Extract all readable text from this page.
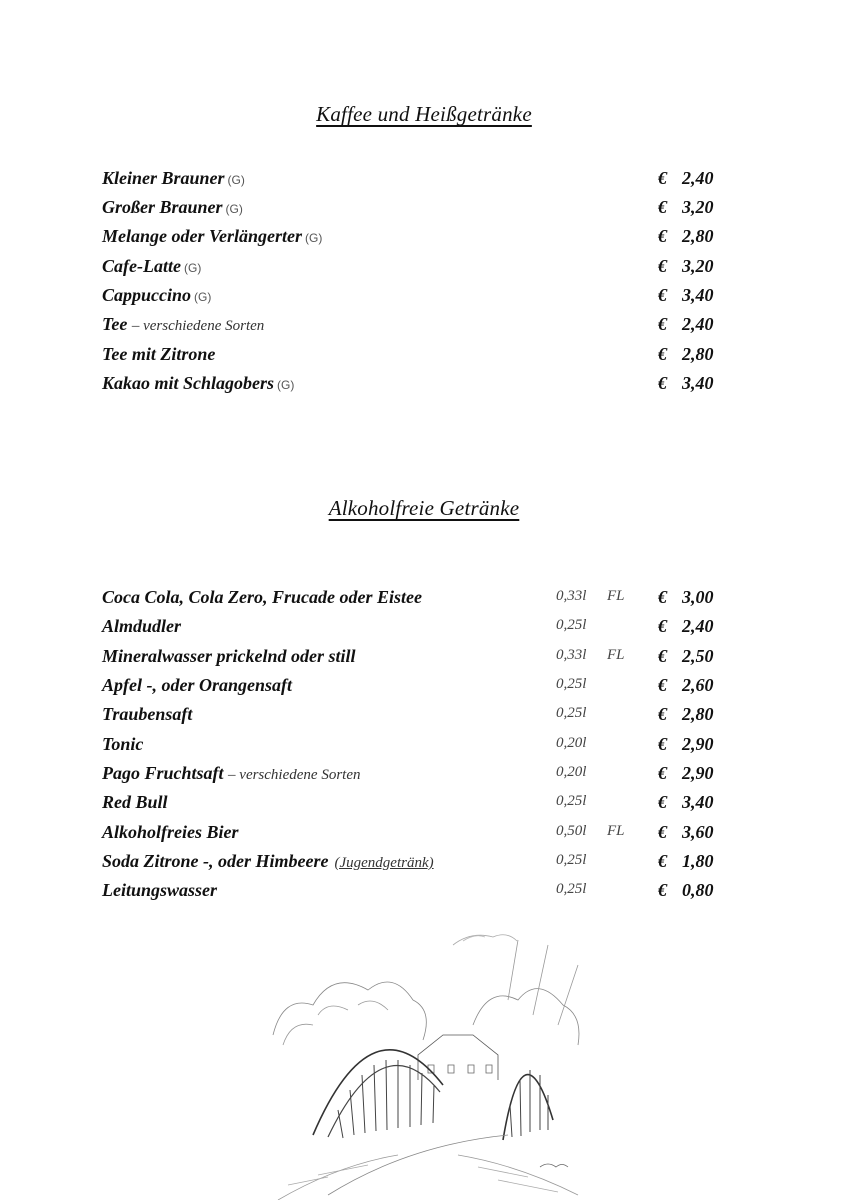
Kaffee und Heißgetränke
Kleiner Brauner (G)	€ 2,40
Großer Brauner (G)	€ 3,20
Melange oder Verlängerter (G)	€ 2,80
Cafe-Latte (G)	€ 3,20
Cappuccino (G)	€ 3,40
Tee – verschiedene Sorten	€ 2,40
Tee mit Zitrone	€ 2,80
Kakao mit Schlagobers (G)	€ 3,40
Alkoholfreie Getränke
Coca Cola, Cola Zero, Frucade oder Eistee	0,33l FL € 3,00
Almdudler	0,25l	€ 2,40
Mineralwasser prickelnd oder still	0,33l FL € 2,50
Apfel -, oder Orangensaft	0,25l	€ 2,60
Traubensaft	0,25l	€ 2,80
Tonic	0,20l	€ 2,90
Pago Fruchtsaft – verschiedene Sorten	0,20l	€ 2,90
Red Bull	0,25l	€ 3,40
Alkoholfreies Bier	0,50l FL € 3,60
Soda Zitrone -, oder Himbeere (Jugendgetränk)	0,25l	€ 1,80
Leitungswasser	0,25l	€ 0,80
